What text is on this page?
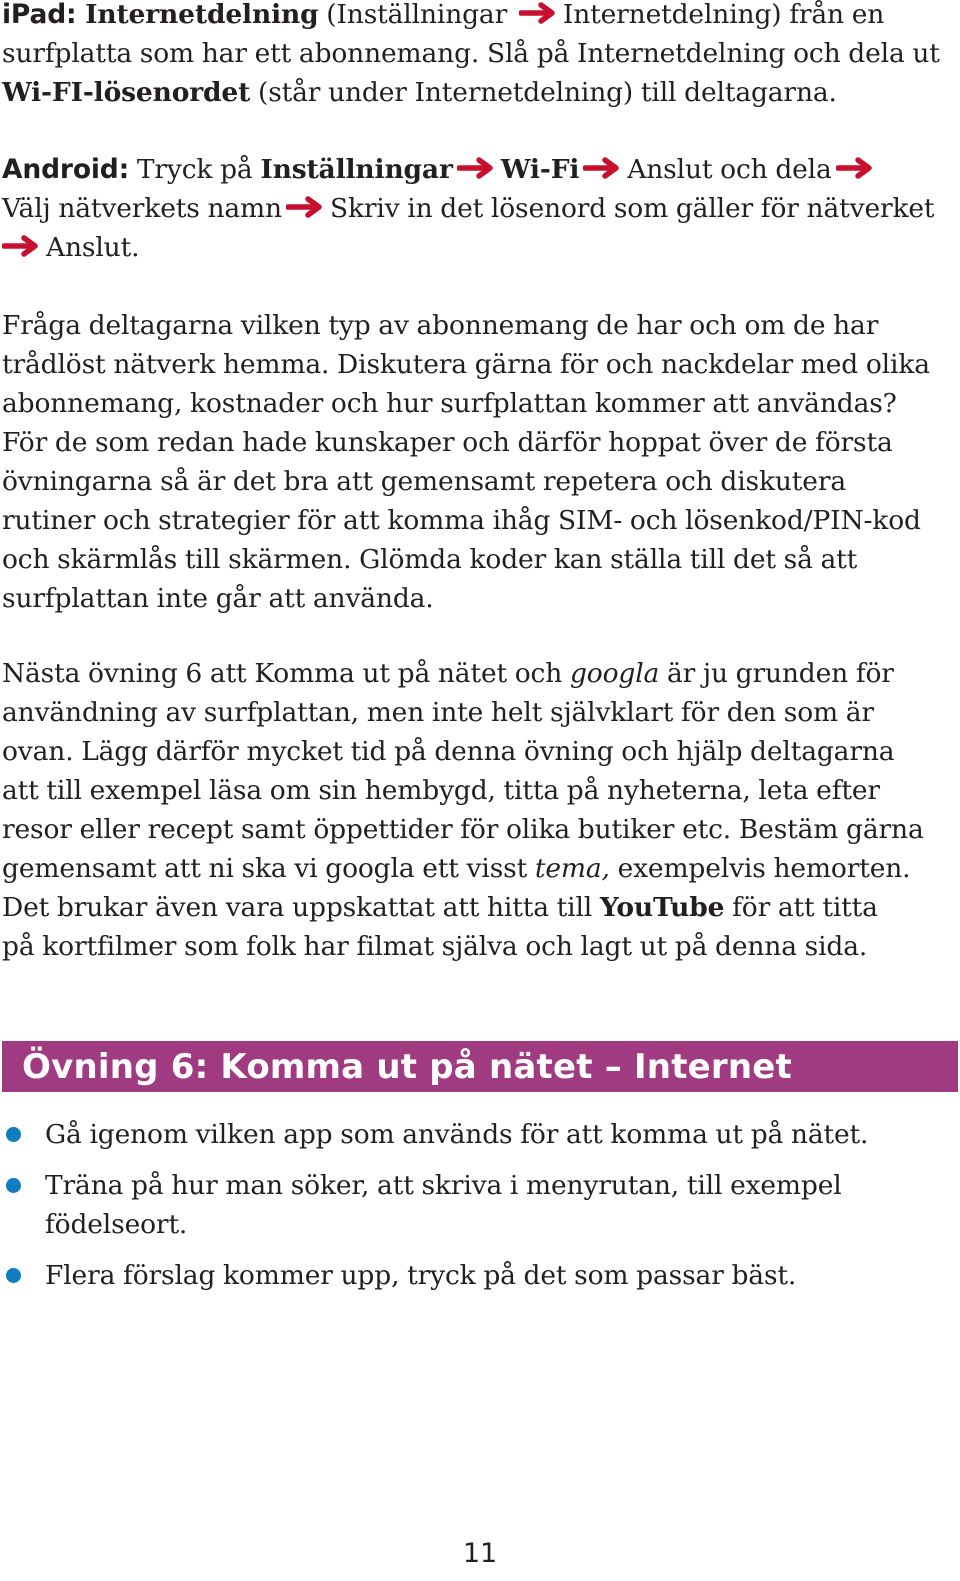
iPad: Internetdelning (Inställningar
Internetdelning) från en
surfplatta som har ett abonnemang. Slå på Internetdelning och dela ut
Wi-FI-lösenordet (står under Internetdelning) till deltagarna.

Android: Tryck på Inställningar Wi-Fi Anslut och dela
Välj nätverkets namn Skriv in det lösenord som gäller för nätverket
Anslut.

Fråga deltagarna vilken typ av abonnemang de har och om de har
trådlöst nätverk hemma. Diskutera gärna för och nackdelar med olika
abonnemang, kostnader och hur surfplattan kommer att användas?
För de som redan hade kunskaper och därför hoppat över de första
övningarna så är det bra att gemensamt repetera och diskutera
rutiner och strategier för att komma ihåg SIM- och lösenkod/PIN-kod
och skärmlås till skärmen. Glömda koder kan ställa till det så att
surfplattan inte går att använda.

Nästa övning 6 att Komma ut på nätet och googla är ju grunden för
användning av surfplattan, men inte helt självklart för den som är
ovan. Lägg därför mycket tid på denna övning och hjälp deltagarna
att till exempel läsa om sin hembygd, titta på nyheterna, leta efter
resor eller recept samt öppettider för olika butiker etc. Bestäm gärna
gemensamt att ni ska vi googla ett visst tema, exempelvis hemorten.
Det brukar även vara uppskattat att hitta till YouTube för att titta
på kortfilmer som folk har filmat själva och lagt ut på denna sida.

Övning 6: Komma ut på nätet – Internet
Gå igenom vilken app som används för att komma ut på nätet.
Träna på hur man söker, att skriva i menyrutan, till exempel födelseort.
Flera förslag kommer upp, tryck på det som passar bäst.
11
